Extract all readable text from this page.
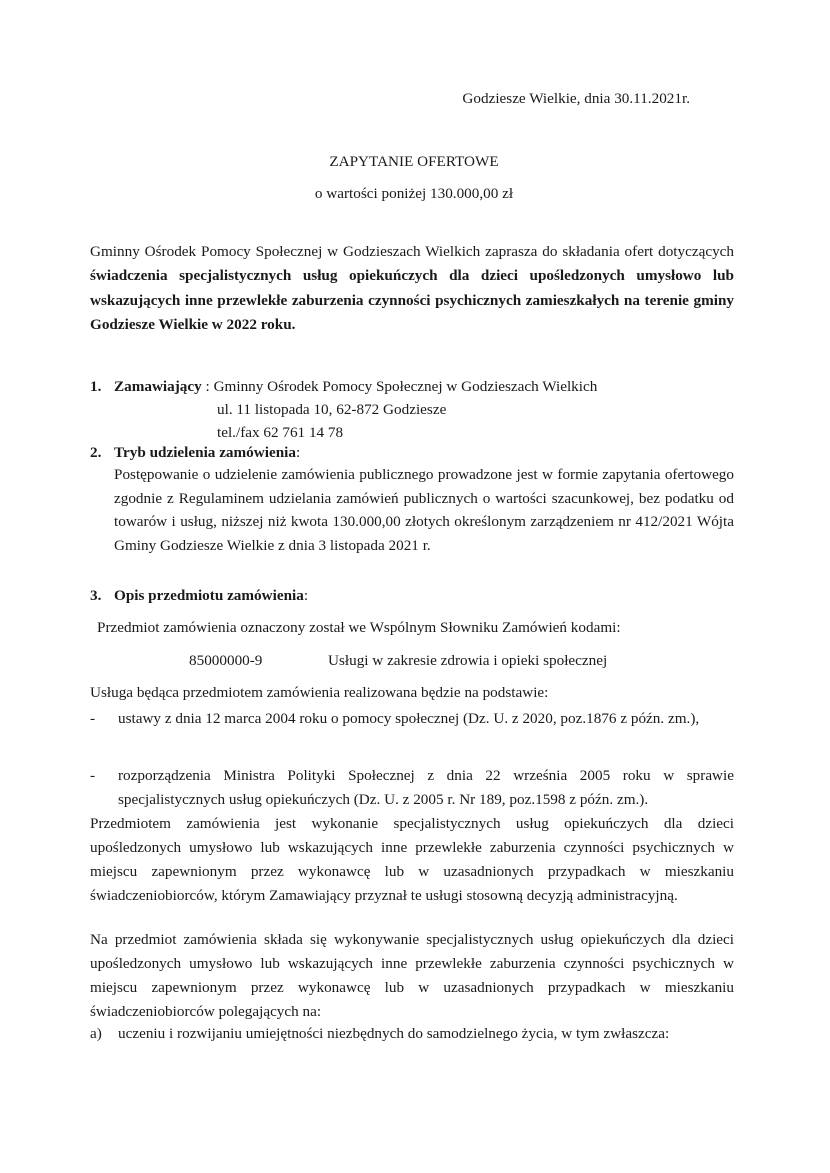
Godziesze Wielkie, dnia 30.11.2021r.
ZAPYTANIE OFERTOWE
o wartości poniżej 130.000,00 zł
Gminny Ośrodek Pomocy Społecznej w Godzieszach Wielkich zaprasza do składania ofert dotyczących świadczenia specjalistycznych usług opiekuńczych dla dzieci upośledzonych umysłowo lub wskazujących inne przewlekłe zaburzenia czynności psychicznych zamieszkałych na terenie gminy Godziesze Wielkie w 2022 roku.
1. Zamawiający : Gminny Ośrodek Pomocy Społecznej w Godzieszach Wielkich
ul. 11 listopada 10, 62-872 Godziesze
tel./fax 62 761 14 78
2. Tryb udzielenia zamówienia:
Postępowanie o udzielenie zamówienia publicznego prowadzone jest w formie zapytania ofertowego zgodnie z Regulaminem udzielania zamówień publicznych o wartości szacunkowej, bez podatku od towarów i usług, niższej niż kwota 130.000,00 złotych określonym zarządzeniem nr 412/2021 Wójta Gminy Godziesze Wielkie z dnia 3 listopada 2021 r.
3. Opis przedmiotu zamówienia:
Przedmiot zamówienia oznaczony został we Wspólnym Słowniku Zamówień kodami:
85000000-9	Usługi w zakresie zdrowia i opieki społecznej
Usługa będąca przedmiotem zamówienia realizowana będzie na podstawie:
-	ustawy z dnia 12 marca 2004 roku o pomocy społecznej (Dz. U. z 2020, poz.1876 z późn. zm.),
-	rozporządzenia Ministra Polityki Społecznej z dnia 22 września 2005 roku w sprawie specjalistycznych usług opiekuńczych (Dz. U. z 2005 r. Nr 189, poz.1598 z późn. zm.).
Przedmiotem zamówienia jest wykonanie specjalistycznych usług opiekuńczych dla dzieci upośledzonych umysłowo lub wskazujących inne przewlekłe zaburzenia czynności psychicznych w miejscu zapewnionym przez wykonawcę lub w uzasadnionych przypadkach w mieszkaniu świadczeniobiorców, którym Zamawiający przyznał te usługi stosowną decyzją administracyjną.
Na przedmiot zamówienia składa się wykonywanie specjalistycznych usług opiekuńczych dla dzieci upośledzonych umysłowo lub wskazujących inne przewlekłe zaburzenia czynności psychicznych w miejscu zapewnionym przez wykonawcę lub w uzasadnionych przypadkach w mieszkaniu świadczeniobiorców polegających na:
a) uczeniu i rozwijaniu umiejętności niezbędnych do samodzielnego życia, w tym zwłaszcza:
